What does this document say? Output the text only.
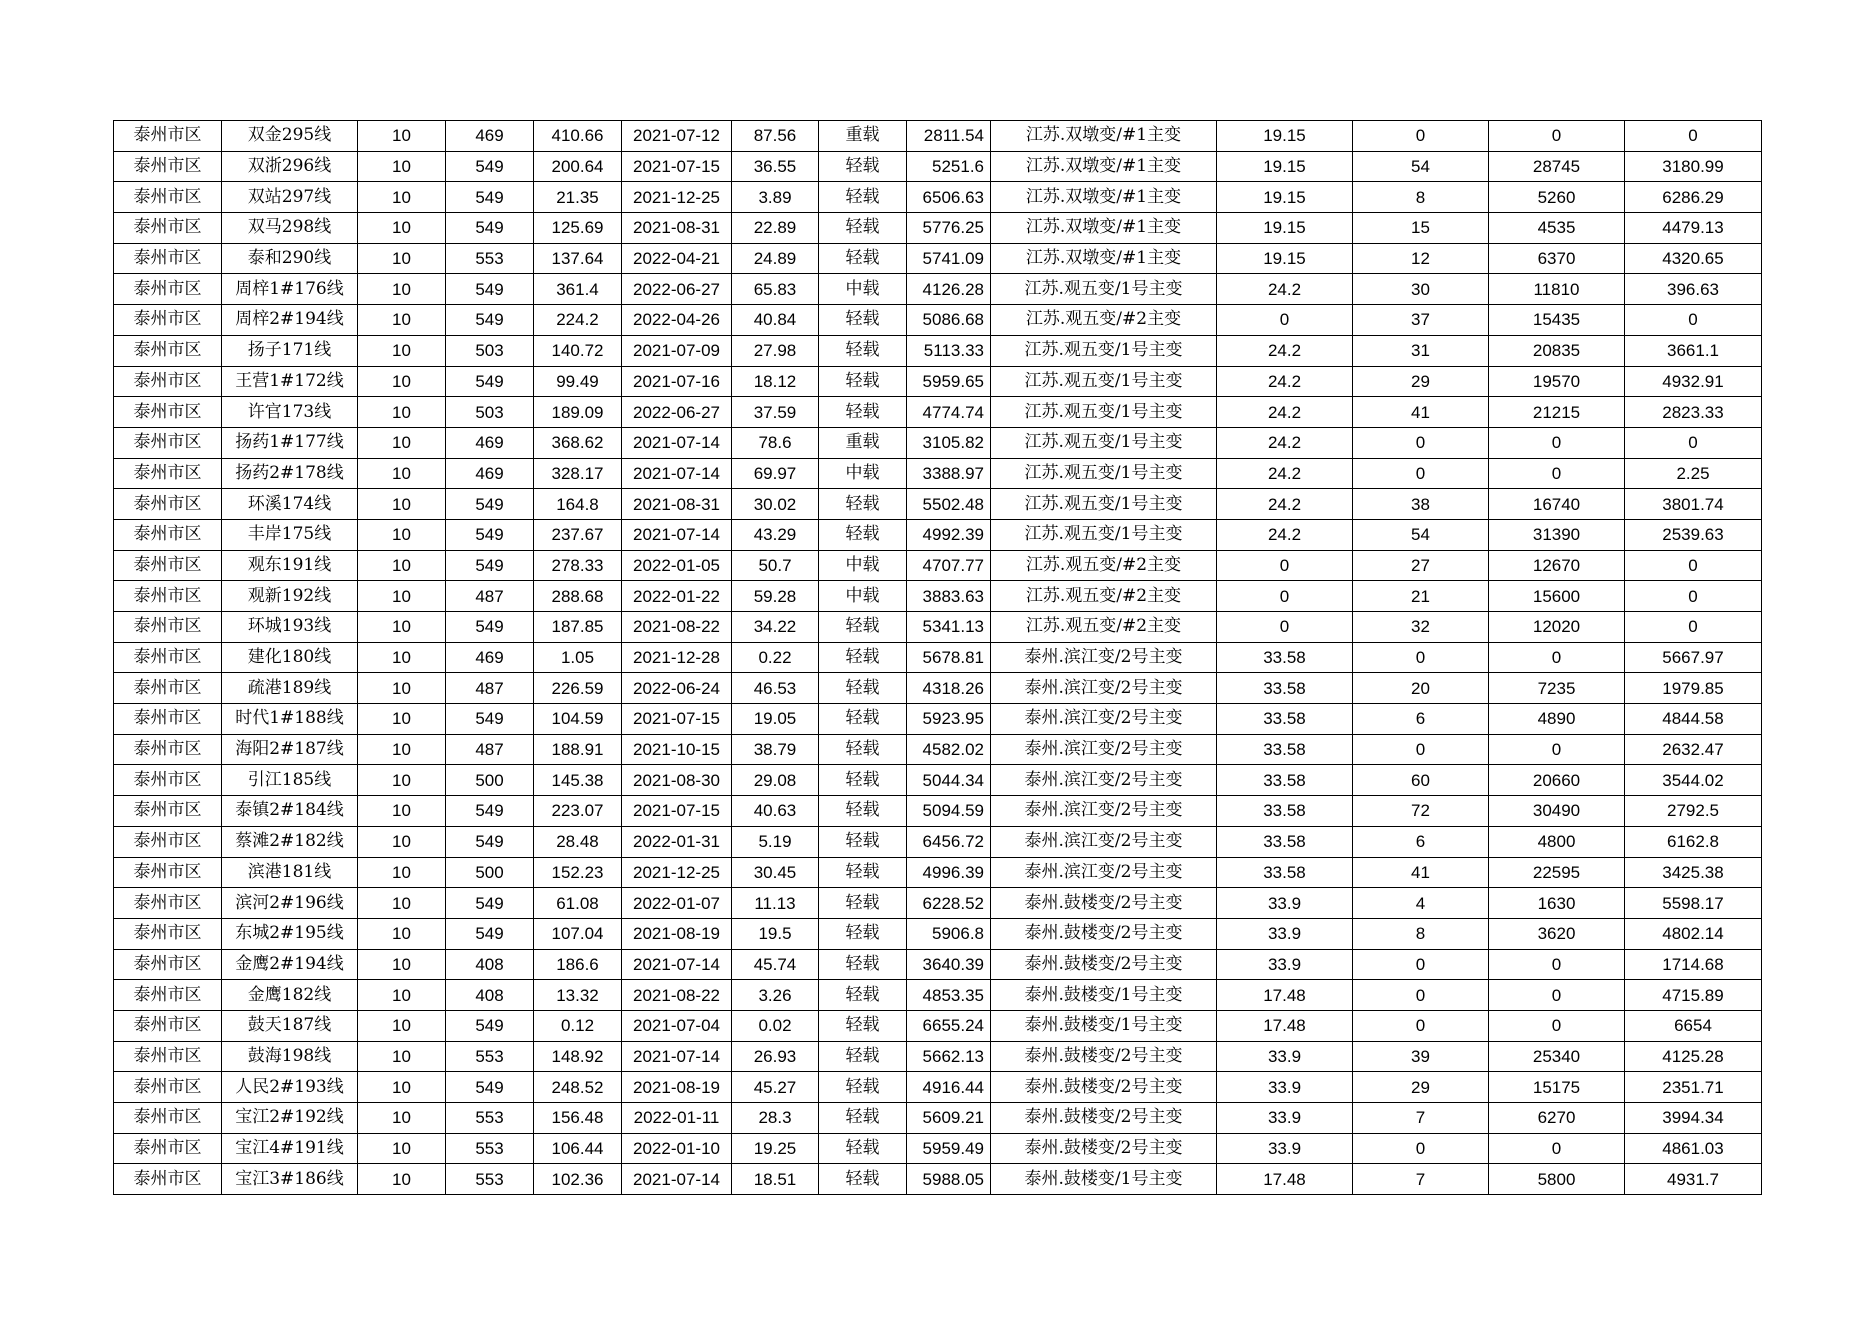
泰州市区	双金295线	10	469	410.66	2021-07-12	87.56	重载	2811.54	江苏.双墩变/#1主变	19.15	0	0	0
泰州市区	双浙296线	10	549	200.64	2021-07-15	36.55	轻载	5251.6	江苏.双墩变/#1主变	19.15	54	28745	3180.99
泰州市区	双站297线	10	549	21.35	2021-12-25	3.89	轻载	6506.63	江苏.双墩变/#1主变	19.15	8	5260	6286.29
泰州市区	双马298线	10	549	125.69	2021-08-31	22.89	轻载	5776.25	江苏.双墩变/#1主变	19.15	15	4535	4479.13
泰州市区	泰和290线	10	553	137.64	2022-04-21	24.89	轻载	5741.09	江苏.双墩变/#1主变	19.15	12	6370	4320.65
泰州市区	周梓1#176线	10	549	361.4	2022-06-27	65.83	中载	4126.28	江苏.观五变/1号主变	24.2	30	11810	396.63
泰州市区	周梓2#194线	10	549	224.2	2022-04-26	40.84	轻载	5086.68	江苏.观五变/#2主变	0	37	15435	0
泰州市区	扬子171线	10	503	140.72	2021-07-09	27.98	轻载	5113.33	江苏.观五变/1号主变	24.2	31	20835	3661.1
泰州市区	王营1#172线	10	549	99.49	2021-07-16	18.12	轻载	5959.65	江苏.观五变/1号主变	24.2	29	19570	4932.91
泰州市区	许官173线	10	503	189.09	2022-06-27	37.59	轻载	4774.74	江苏.观五变/1号主变	24.2	41	21215	2823.33
泰州市区	扬药1#177线	10	469	368.62	2021-07-14	78.6	重载	3105.82	江苏.观五变/1号主变	24.2	0	0	0
泰州市区	扬药2#178线	10	469	328.17	2021-07-14	69.97	中载	3388.97	江苏.观五变/1号主变	24.2	0	0	2.25
泰州市区	环溪174线	10	549	164.8	2021-08-31	30.02	轻载	5502.48	江苏.观五变/1号主变	24.2	38	16740	3801.74
泰州市区	丰岸175线	10	549	237.67	2021-07-14	43.29	轻载	4992.39	江苏.观五变/1号主变	24.2	54	31390	2539.63
泰州市区	观东191线	10	549	278.33	2022-01-05	50.7	中载	4707.77	江苏.观五变/#2主变	0	27	12670	0
泰州市区	观新192线	10	487	288.68	2022-01-22	59.28	中载	3883.63	江苏.观五变/#2主变	0	21	15600	0
泰州市区	环城193线	10	549	187.85	2021-08-22	34.22	轻载	5341.13	江苏.观五变/#2主变	0	32	12020	0
泰州市区	建化180线	10	469	1.05	2021-12-28	0.22	轻载	5678.81	泰州.滨江变/2号主变	33.58	0	0	5667.97
泰州市区	疏港189线	10	487	226.59	2022-06-24	46.53	轻载	4318.26	泰州.滨江变/2号主变	33.58	20	7235	1979.85
泰州市区	时代1#188线	10	549	104.59	2021-07-15	19.05	轻载	5923.95	泰州.滨江变/2号主变	33.58	6	4890	4844.58
泰州市区	海阳2#187线	10	487	188.91	2021-10-15	38.79	轻载	4582.02	泰州.滨江变/2号主变	33.58	0	0	2632.47
泰州市区	引江185线	10	500	145.38	2021-08-30	29.08	轻载	5044.34	泰州.滨江变/2号主变	33.58	60	20660	3544.02
泰州市区	泰镇2#184线	10	549	223.07	2021-07-15	40.63	轻载	5094.59	泰州.滨江变/2号主变	33.58	72	30490	2792.5
泰州市区	蔡滩2#182线	10	549	28.48	2022-01-31	5.19	轻载	6456.72	泰州.滨江变/2号主变	33.58	6	4800	6162.8
泰州市区	滨港181线	10	500	152.23	2021-12-25	30.45	轻载	4996.39	泰州.滨江变/2号主变	33.58	41	22595	3425.38
泰州市区	滨河2#196线	10	549	61.08	2022-01-07	11.13	轻载	6228.52	泰州.鼓楼变/2号主变	33.9	4	1630	5598.17
泰州市区	东城2#195线	10	549	107.04	2021-08-19	19.5	轻载	5906.8	泰州.鼓楼变/2号主变	33.9	8	3620	4802.14
泰州市区	金鹰2#194线	10	408	186.6	2021-07-14	45.74	轻载	3640.39	泰州.鼓楼变/2号主变	33.9	0	0	1714.68
泰州市区	金鹰182线	10	408	13.32	2021-08-22	3.26	轻载	4853.35	泰州.鼓楼变/1号主变	17.48	0	0	4715.89
泰州市区	鼓天187线	10	549	0.12	2021-07-04	0.02	轻载	6655.24	泰州.鼓楼变/1号主变	17.48	0	0	6654
泰州市区	鼓海198线	10	553	148.92	2021-07-14	26.93	轻载	5662.13	泰州.鼓楼变/2号主变	33.9	39	25340	4125.28
泰州市区	人民2#193线	10	549	248.52	2021-08-19	45.27	轻载	4916.44	泰州.鼓楼变/2号主变	33.9	29	15175	2351.71
泰州市区	宝江2#192线	10	553	156.48	2022-01-11	28.3	轻载	5609.21	泰州.鼓楼变/2号主变	33.9	7	6270	3994.34
泰州市区	宝江4#191线	10	553	106.44	2022-01-10	19.25	轻载	5959.49	泰州.鼓楼变/2号主变	33.9	0	0	4861.03
泰州市区	宝江3#186线	10	553	102.36	2021-07-14	18.51	轻载	5988.05	泰州.鼓楼变/1号主变	17.48	7	5800	4931.7
